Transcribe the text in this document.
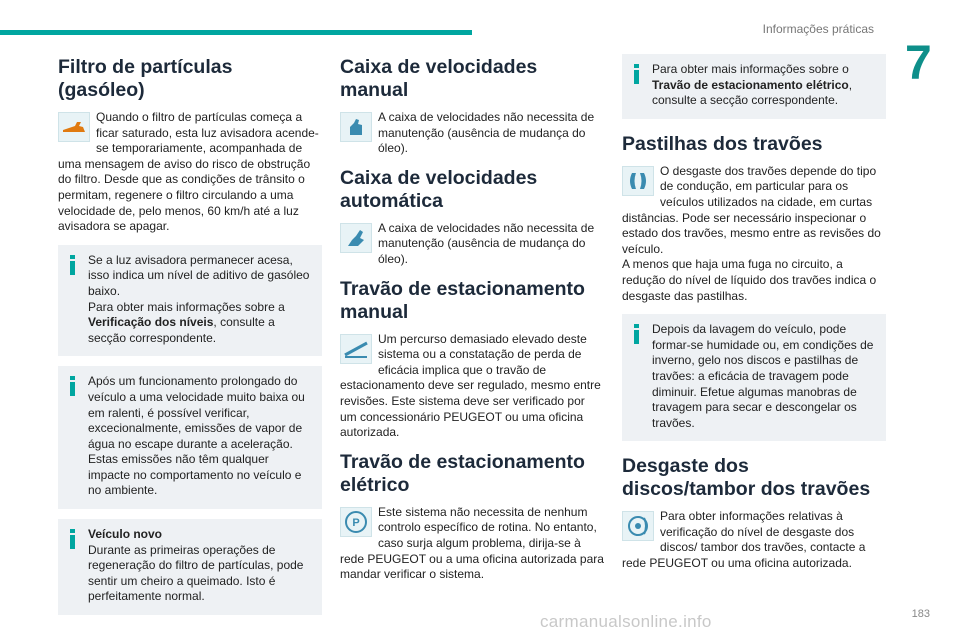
Informações práticas
7
Filtro de partículas (gasóleo)
Quando o filtro de partículas começa a ficar saturado, esta luz avisadora acende-se temporariamente, acompanhada de uma mensagem de aviso do risco de obstrução do filtro. Desde que as condições de trânsito o permitam, regenere o filtro circulando a uma velocidade de, pelo menos, 60 km/h até a luz avisadora se apagar.
Se a luz avisadora permanecer acesa, isso indica um nível de aditivo de gasóleo baixo.
Para obter mais informações sobre a Verificação dos níveis, consulte a secção correspondente.
Após um funcionamento prolongado do veículo a uma velocidade muito baixa ou em ralenti, é possível verificar, excecionalmente, emissões de vapor de água no escape durante a aceleração. Estas emissões não têm qualquer impacte no comportamento no veículo e no ambiente.
Veículo novo
Durante as primeiras operações de regeneração do filtro de partículas, pode sentir um cheiro a queimado. Isto é perfeitamente normal.
Caixa de velocidades manual
A caixa de velocidades não necessita de manutenção (ausência de mudança do óleo).
Caixa de velocidades automática
A caixa de velocidades não necessita de manutenção (ausência de mudança do óleo).
Travão de estacionamento manual
Um percurso demasiado elevado deste sistema ou a constatação de perda de eficácia implica que o travão de estacionamento deve ser regulado, mesmo entre revisões. Este sistema deve ser verificado por um concessionário PEUGEOT ou uma oficina autorizada.
Travão de estacionamento elétrico
P
Este sistema não necessita de nenhum controlo específico de rotina. No entanto, caso surja algum problema, dirija-se à rede PEUGEOT ou a uma oficina autorizada para mandar verificar o sistema.
Para obter mais informações sobre o Travão de estacionamento elétrico, consulte a secção correspondente.
Pastilhas dos travões
O desgaste dos travões depende do tipo de condução, em particular para os veículos utilizados na cidade, em curtas distâncias. Pode ser necessário inspecionar o estado dos travões, mesmo entre as revisões do veículo.
A menos que haja uma fuga no circuito, a redução do nível de líquido dos travões indica o desgaste das pastilhas.
Depois da lavagem do veículo, pode formar-se humidade ou, em condições de inverno, gelo nos discos e pastilhas de travões: a eficácia de travagem pode diminuir. Efetue algumas manobras de travagem para secar e descongelar os travões.
Desgaste dos discos/tambor dos travões
Para obter informações relativas à verificação do nível de desgaste dos discos/ tambor dos travões, contacte a rede PEUGEOT ou uma oficina autorizada.
183
carmanualsonline.info
